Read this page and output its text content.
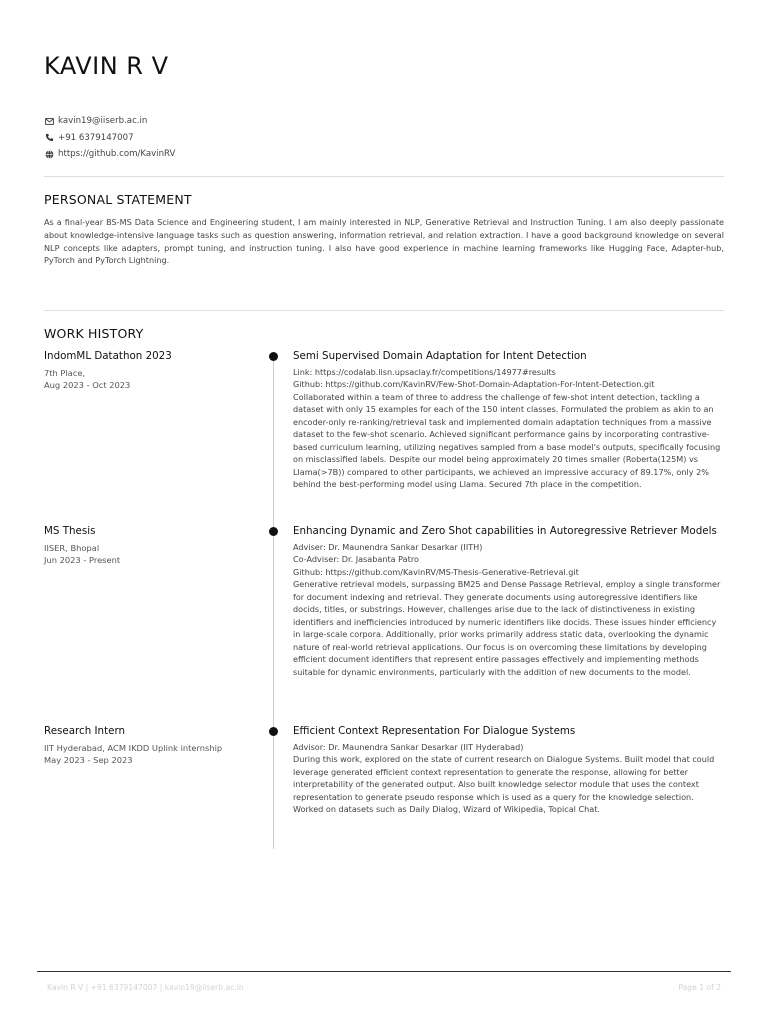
KAVIN R V
kavin19@iiserb.ac.in
+91 6379147007
https://github.com/KavinRV
PERSONAL STATEMENT
As a final-year BS-MS Data Science and Engineering student, I am mainly interested in NLP, Generative Retrieval and Instruction Tuning. I am also deeply passionate about knowledge-intensive language tasks such as question answering, information retrieval, and relation extraction. I have a good background knowledge on several NLP concepts like adapters, prompt tuning, and instruction tuning. I also have good experience in machine learning frameworks like Hugging Face, Adapter-hub, PyTorch and PyTorch Lightning.
WORK HISTORY
IndomML Datathon 2023
7th Place,
Aug 2023 - Oct 2023
Semi Supervised Domain Adaptation for Intent Detection
Link: https://codalab.lisn.upsaclay.fr/competitions/14977#results
Github: https://github.com/KavinRV/Few-Shot-Domain-Adaptation-For-Intent-Detection.git
Collaborated within a team of three to address the challenge of few-shot intent detection, tackling a dataset with only 15 examples for each of the 150 intent classes. Formulated the problem as akin to an encoder-only re-ranking/retrieval task and implemented domain adaptation techniques from a massive dataset to the few-shot scenario. Achieved significant performance gains by incorporating contrastive-based curriculum learning, utilizing negatives sampled from a base model's outputs, specifically focusing on misclassified labels. Despite our model being approximately 20 times smaller (Roberta(125M) vs Llama(>7B)) compared to other participants, we achieved an impressive accuracy of 89.17%, only 2% behind the best-performing model using Llama. Secured 7th place in the competition.
MS Thesis
IISER, Bhopal
Jun 2023 - Present
Enhancing Dynamic and Zero Shot capabilities in Autoregressive Retriever Models
Adviser: Dr. Maunendra Sankar Desarkar (IITH)
Co-Adviser: Dr. Jasabanta Patro
Github: https://github.com/KavinRV/MS-Thesis-Generative-Retrieval.git
Generative retrieval models, surpassing BM25 and Dense Passage Retrieval, employ a single transformer for document indexing and retrieval. They generate documents using autoregressive identifiers like docids, titles, or substrings. However, challenges arise due to the lack of distinctiveness in existing identifiers and inefficiencies introduced by numeric identifiers like docids. These issues hinder efficiency in large-scale corpora. Additionally, prior works primarily address static data, overlooking the dynamic nature of real-world retrieval applications. Our focus is on overcoming these limitations by developing efficient document identifiers that represent entire passages effectively and implementing methods suitable for dynamic environments, particularly with the addition of new documents to the model.
Research Intern
IIT Hyderabad, ACM IKDD Uplink internship
May 2023 - Sep 2023
Efficient Context Representation For Dialogue Systems
Advisor: Dr. Maunendra Sankar Desarkar (IIT Hyderabad)
During this work, explored on the state of current research on Dialogue Systems. Built model that could leverage generated efficient context representation to generate the response, allowing for better interpretability of the generated output. Also built knowledge selector module that uses the context representation to generate pseudo response which is used as a query for the knowledge selection. Worked on datasets such as Daily Dialog, Wizard of Wikipedia, Topical Chat.
Kavin R V | +91 6379147007 | kavin19@iiserb.ac.in	Page 1 of 2
